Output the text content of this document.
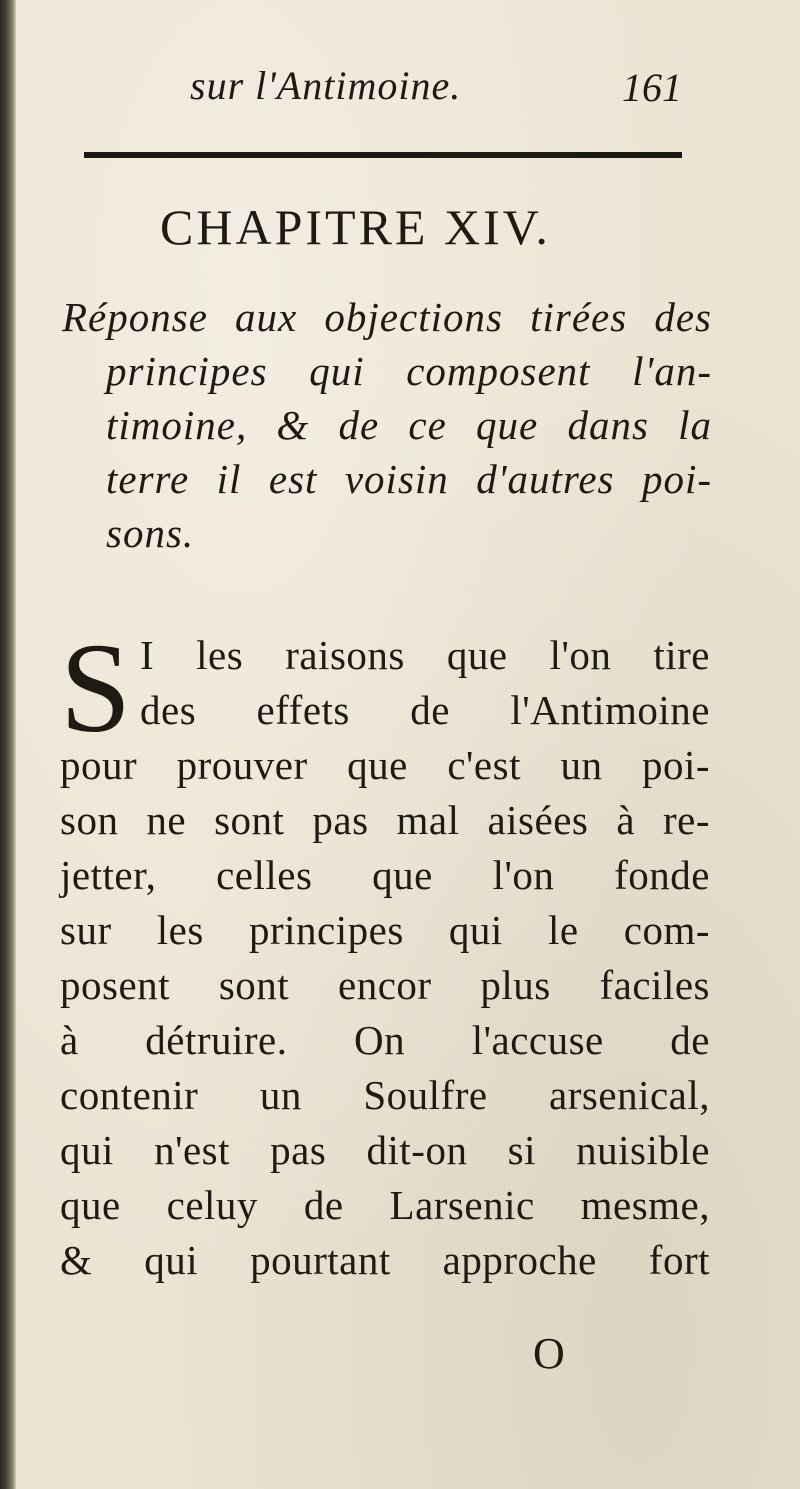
sur l'Antimoine.	161
CHAPITRE XIV.
Réponse aux objections tirées des
principes qui composent l'an-
timoine, & de ce que dans la
terre il est voisin d'autres poi-
sons.
S I les raisons que l'on tire
des effets de l'Antimoine
pour prouver que c'est un poi-
son ne sont pas mal aisées à re-
jetter, celles que l'on fonde
sur les principes qui le com-
posent sont encor plus faciles
à détruire. On l'accuse de
contenir un Soulfre arsenical,
qui n'est pas dit-on si nuisible
que celuy de Larsenic mesme,
& qui pourtant approche fort
O
